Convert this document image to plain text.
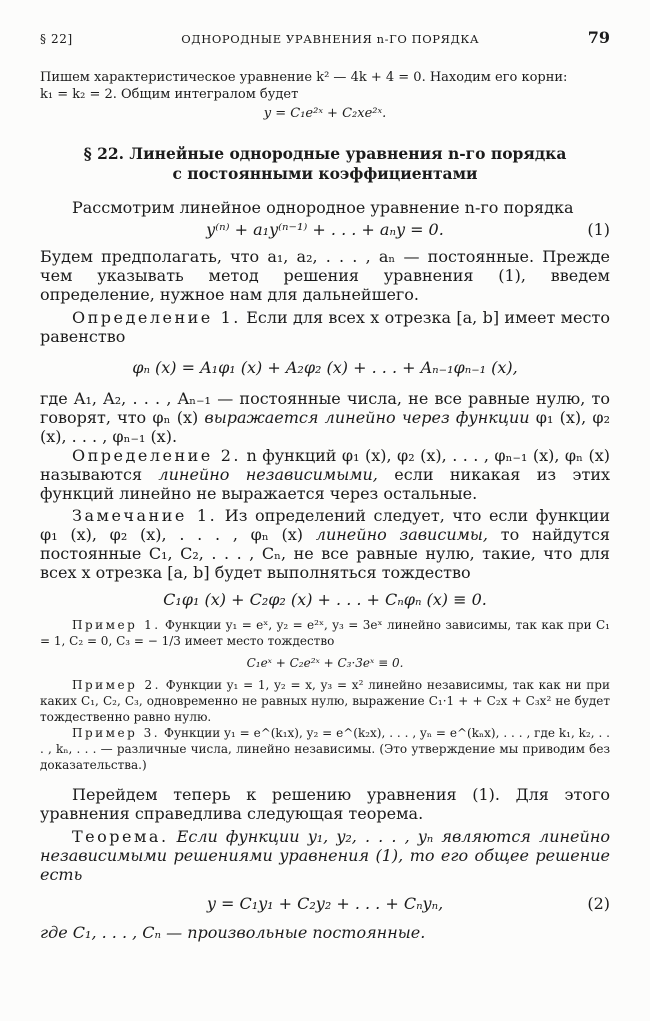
§ 22]	ОДНОРОДНЫЕ УРАВНЕНИЯ n-ГО ПОРЯДКА	79

Пишем характеристическое уравнение k² — 4k + 4 = 0. Находим его корни:

k₁ = k₂ = 2. Общим интегралом будет

y = C₁e²ˣ + C₂xe²ˣ.

§ 22. Линейные однородные уравнения n-го порядка
с постоянными коэффициентами

Рассмотрим линейное однородное уравнение n-го порядка

y⁽ⁿ⁾ + a₁y⁽ⁿ⁻¹⁾ + . . . + aₙy = 0.	(1)

Будем предполагать, что a₁, a₂, . . . , aₙ — постоянные. Прежде чем указывать метод решения уравнения (1), введем определение, нужное нам для дальнейшего.

Определение 1. Если для всех x отрезка [a, b] имеет место равенство

φₙ (x) = A₁φ₁ (x) + A₂φ₂ (x) + . . . + Aₙ₋₁φₙ₋₁ (x),

где A₁, A₂, . . . , Aₙ₋₁ — постоянные числа, не все равные нулю, то говорят, что φₙ (x) выражается линейно через функции φ₁ (x), φ₂ (x), . . . , φₙ₋₁ (x).

Определение 2. n функций φ₁ (x), φ₂ (x), . . . , φₙ₋₁ (x), φₙ (x) называются линейно независимыми, если никакая из этих функций линейно не выражается через остальные.

Замечание 1. Из определений следует, что если функции φ₁ (x), φ₂ (x), . . . , φₙ (x) линейно зависимы, то найдутся постоянные C₁, C₂, . . . , Cₙ, не все равные нулю, такие, что для всех x отрезка [a, b] будет выполняться тождество

C₁φ₁ (x) + C₂φ₂ (x) + . . . + Cₙφₙ (x) ≡ 0.

Пример 1. Функции y₁ = eˣ, y₂ = e²ˣ, y₃ = 3eˣ линейно зависимы, так как при C₁ = 1, C₂ = 0, C₃ = − 1/3 имеет место тождество

C₁eˣ + C₂e²ˣ + C₃·3eˣ ≡ 0.

Пример 2. Функции y₁ = 1, y₂ = x, y₃ = x² линейно независимы, так как ни при каких C₁, C₂, C₃, одновременно не равных нулю, выражение C₁·1 + + C₂x + C₃x² не будет тождественно равно нулю.

Пример 3. Функции y₁ = e^(k₁x), y₂ = e^(k₂x), . . . , yₙ = e^(kₙx), . . . , где k₁, k₂, . . . , kₙ, . . . — различные числа, линейно независимы. (Это утверждение мы приводим без доказательства.)

Перейдем теперь к решению уравнения (1). Для этого уравнения справедлива следующая теорема.

Теорема. Если функции y₁, y₂, . . . , yₙ являются линейно независимыми решениями уравнения (1), то его общее решение есть

y = C₁y₁ + C₂y₂ + . . . + Cₙyₙ,	(2)

где C₁, . . . , Cₙ — произвольные постоянные.
